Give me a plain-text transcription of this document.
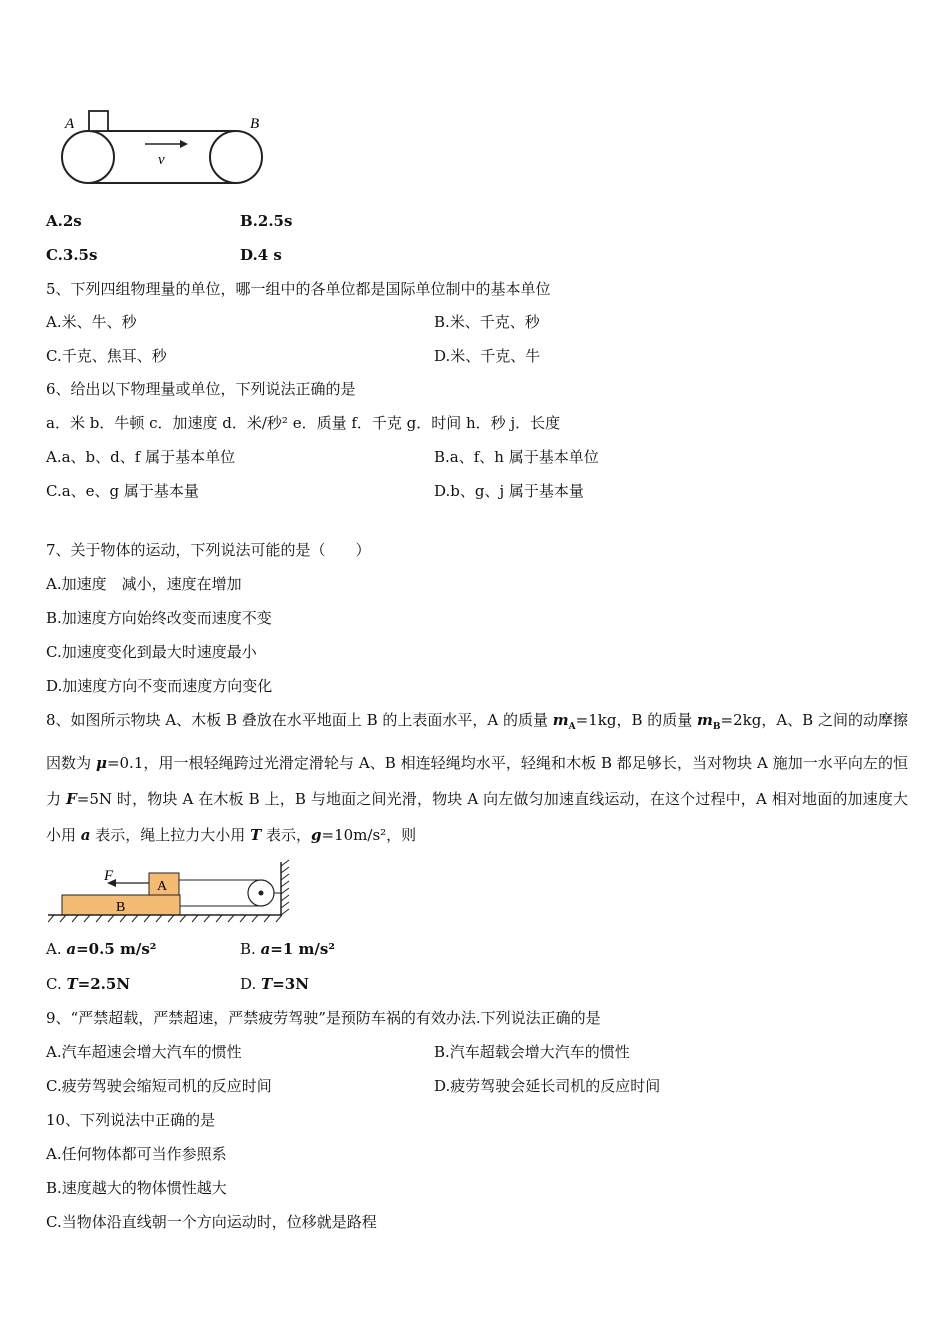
A	B
v
A.2s	B.2.5s
C.3.5s	D.4 s
5、下列四组物理量的单位，哪一组中的各单位都是国际单位制中的基本单位
A.米、牛、秒	B.米、千克、秒
C.千克、焦耳、秒	D.米、千克、牛
6、给出以下物理量或单位，下列说法正确的是
a．米 b．牛顿 c．加速度 d．米/秒² e．质量 f．千克 g．时间 h．秒 j．长度
A.a、b、d、f 属于基本单位	B.a、f、h 属于基本单位
C.a、e、g 属于基本量	D.b、g、j 属于基本量
7、关于物体的运动，下列说法可能的是（　　）
A.加速度　减小，速度在增加
B.加速度方向始终改变而速度不变
C.加速度变化到最大时速度最小
D.加速度方向不变而速度方向变化
8、如图所示物块 A、木板 B 叠放在水平地面上 B 的上表面水平，A 的质量 $m_A=1kg$，B 的质量 $m_B=2kg$，A、B 之间的动摩擦因数为 μ=0.1，用一根轻绳跨过光滑定滑轮与 A、B 相连轻绳均水平，轻绳和木板 B 都足够长，当对物块 A 施加一水平向左的恒力 F=5N 时，物块 A 在木板 B 上，B 与地面之间光滑，物块 A 向左做匀加速直线运动，在这个过程中，A 相对地面的加速度大小用 a 表示，绳上拉力大小用 T 表示，g=10m/s²，则
F
A
B
A. a=0.5 m/s²	B. a=1 m/s²
C. T=2.5N	D. T=3N
9、“严禁超载，严禁超速，严禁疲劳驾驶”是预防车祸的有效办法.下列说法正确的是
A.汽车超速会增大汽车的惯性	B.汽车超载会增大汽车的惯性
C.疲劳驾驶会缩短司机的反应时间	D.疲劳驾驶会延长司机的反应时间
10、下列说法中正确的是
A.任何物体都可当作参照系
B.速度越大的物体惯性越大
C.当物体沿直线朝一个方向运动时，位移就是路程
